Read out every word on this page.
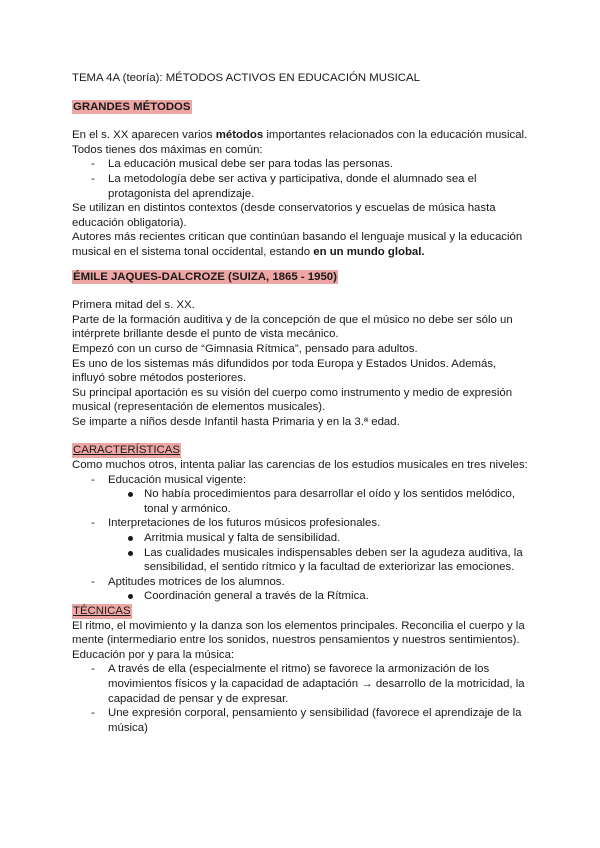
TEMA 4A (teoría): MÉTODOS ACTIVOS EN EDUCACIÓN MUSICAL

GRANDES MÉTODOS

En el s. XX aparecen varios métodos importantes relacionados con la educación musical. Todos tienes dos máximas en común:

- La educación musical debe ser para todas las personas.
- La metodología debe ser activa y participativa, donde el alumnado sea el protagonista del aprendizaje.

Se utilizan en distintos contextos (desde conservatorios y escuelas de música hasta educación obligatoria).

Autores más recientes critican que continúan basando el lenguaje musical y la educación musical en el sistema tonal occidental, estando en un mundo global.

ÉMILE JAQUES-DALCROZE (SUIZA, 1865 - 1950)

Primera mitad del s. XX.

Parte de la formación auditiva y de la concepción de que el músico no debe ser sólo un intérprete brillante desde el punto de vista mecánico.

Empezó con un curso de “Gimnasia Rítmica”, pensado para adultos.

Es uno de los sistemas más difundidos por toda Europa y Estados Unidos. Además, influyó sobre métodos posteriores.

Su principal aportación es su visión del cuerpo como instrumento y medio de expresión musical (representación de elementos musicales).

Se imparte a niños desde Infantil hasta Primaria y en la 3.ª edad.

CARACTERÍSTICAS

Como muchos otros, intenta paliar las carencias de los estudios musicales en tres niveles:

- Educación musical vigente:
No había procedimientos para desarrollar el oído y los sentidos melódico, tonal y armónico.
- Interpretaciones de los futuros músicos profesionales.
Arritmia musical y falta de sensibilidad.
Las cualidades musicales indispensables deben ser la agudeza auditiva, la sensibilidad, el sentido rítmico y la facultad de exteriorizar las emociones.
- Aptitudes motrices de los alumnos.
Coordinación general a través de la Rítmica.
TÉCNICAS

El ritmo, el movimiento y la danza son los elementos principales. Reconcilia el cuerpo y la mente (intermediario entre los sonidos, nuestros pensamientos y nuestros sentimientos).

Educación por y para la música:

- A través de ella (especialmente el ritmo) se favorece la armonización de los movimientos físicos y la capacidad de adaptación → desarrollo de la motricidad, la capacidad de pensar y de expresar.
- Une expresión corporal, pensamiento y sensibilidad (favorece el aprendizaje de la música)
